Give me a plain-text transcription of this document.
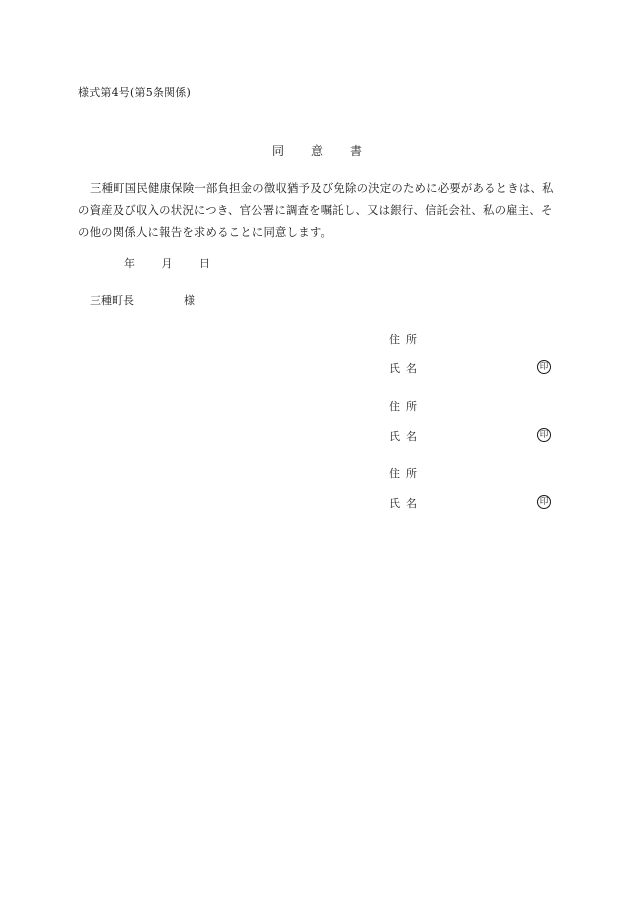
様式第4号(第5条関係)
同 意 書
三種町国民健康保険一部負担金の徴収猶予及び免除の決定のために必要があるときは、私の資産及び収入の状況につき、官公署に調査を嘱託し、又は銀行、信託会社、私の雇主、その他の関係人に報告を求めることに同意します。
年 月 日
三種町長	様
住所
氏名	印
住所
氏名	印
住所
氏名	印
